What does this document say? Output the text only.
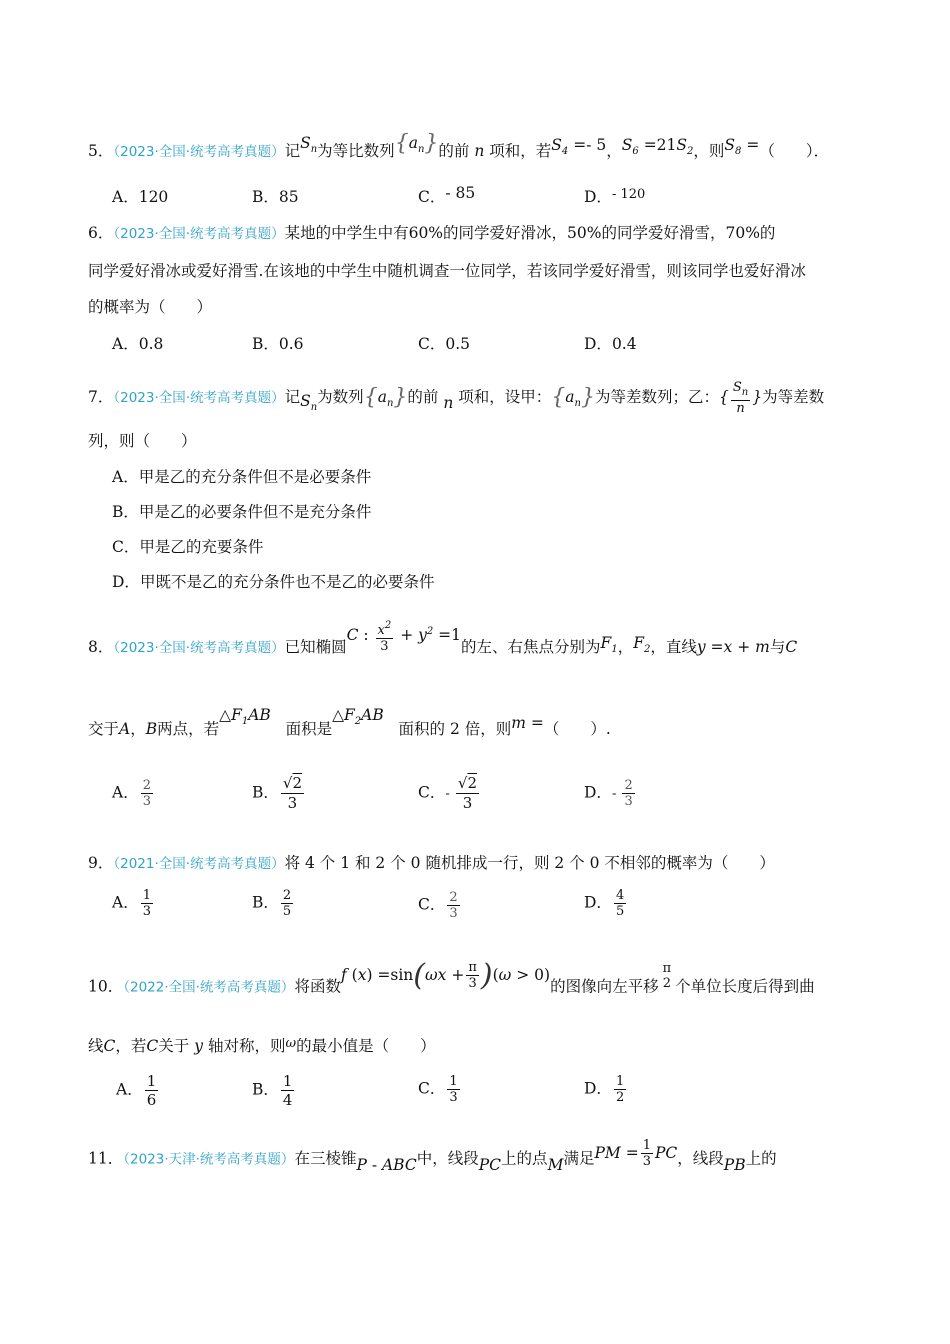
5．（2023·全国·统考高考真题）记$S_n$为等比数列$\{a_n\}$的前 n 项和，若$S_4 =- 5$，$S_6 =21S_2$，则$S_8$ =（　　）．
A．120	B．85	C．- 85	D．$^{- 120}$
6．（2023·全国·统考高考真题）某地的中学生中有60%的同学爱好滑冰，50%的同学爱好滑雪，70%的
同学爱好滑冰或爱好滑雪.在该地的中学生中随机调查一位同学，若该同学爱好滑雪，则该同学也爱好滑冰
的概率为（　　）
A．0.8	B．0.6	C．0.5	D．0.4
7．（2023·全国·统考高考真题）记$S_n$为数列$\{a_n\}$的前 n 项和，设甲：$\{a_n\}$为等差数列；乙：{ $\frac{S_n}{n}$ }为等差数
列，则（　　）
A．甲是乙的充分条件但不是必要条件
B．甲是乙的必要条件但不是充分条件
C．甲是乙的充要条件
D．甲既不是乙的充分条件也不是乙的必要条件
8．（2023·全国·统考高考真题）已知椭圆C : $\frac{x^2}{3} + y^2 =1$的左、右焦点分别为$F_1$，$F_2$，直线y =x + m与C
交于A，B两点，若$\triangle F_1AB$   面积是$\triangle F_2AB$   面积的 2 倍，则m =（　　）.
A． $\frac{2}{3}$	B． $\frac{√2}{3}$	C．- $\frac{√2}{3}$	D．- $\frac{2}{3}$
9．（2021·全国·统考高考真题）将 4 个 1 和 2 个 0 随机排成一行，则 2 个 0 不相邻的概率为（　　）
A． $\frac{1}{3}$	B． $\frac{2}{5}$	C． $\frac{2}{3}$	D． $\frac{4}{5}$
10．（2022·全国·统考高考真题）将函数f $(x) =\sin(\omega x + \frac{\pi}{3} )(\omega > 0)$的图像向左平移
π
2 个单位长度后得到曲
线C，若C关于 y 轴对称，则$^\omega$的最小值是（　　）
A． $\frac{1}{6}$	B． $\frac{1}{4}$	C． $\frac{1}{3}$	D． $\frac{1}{2}$
11．（2023·天津·统考高考真题）在三棱锥P - ABC中，线段PC上的点M满足PM = $\frac{1}{3}$ PC，线段PB上的
